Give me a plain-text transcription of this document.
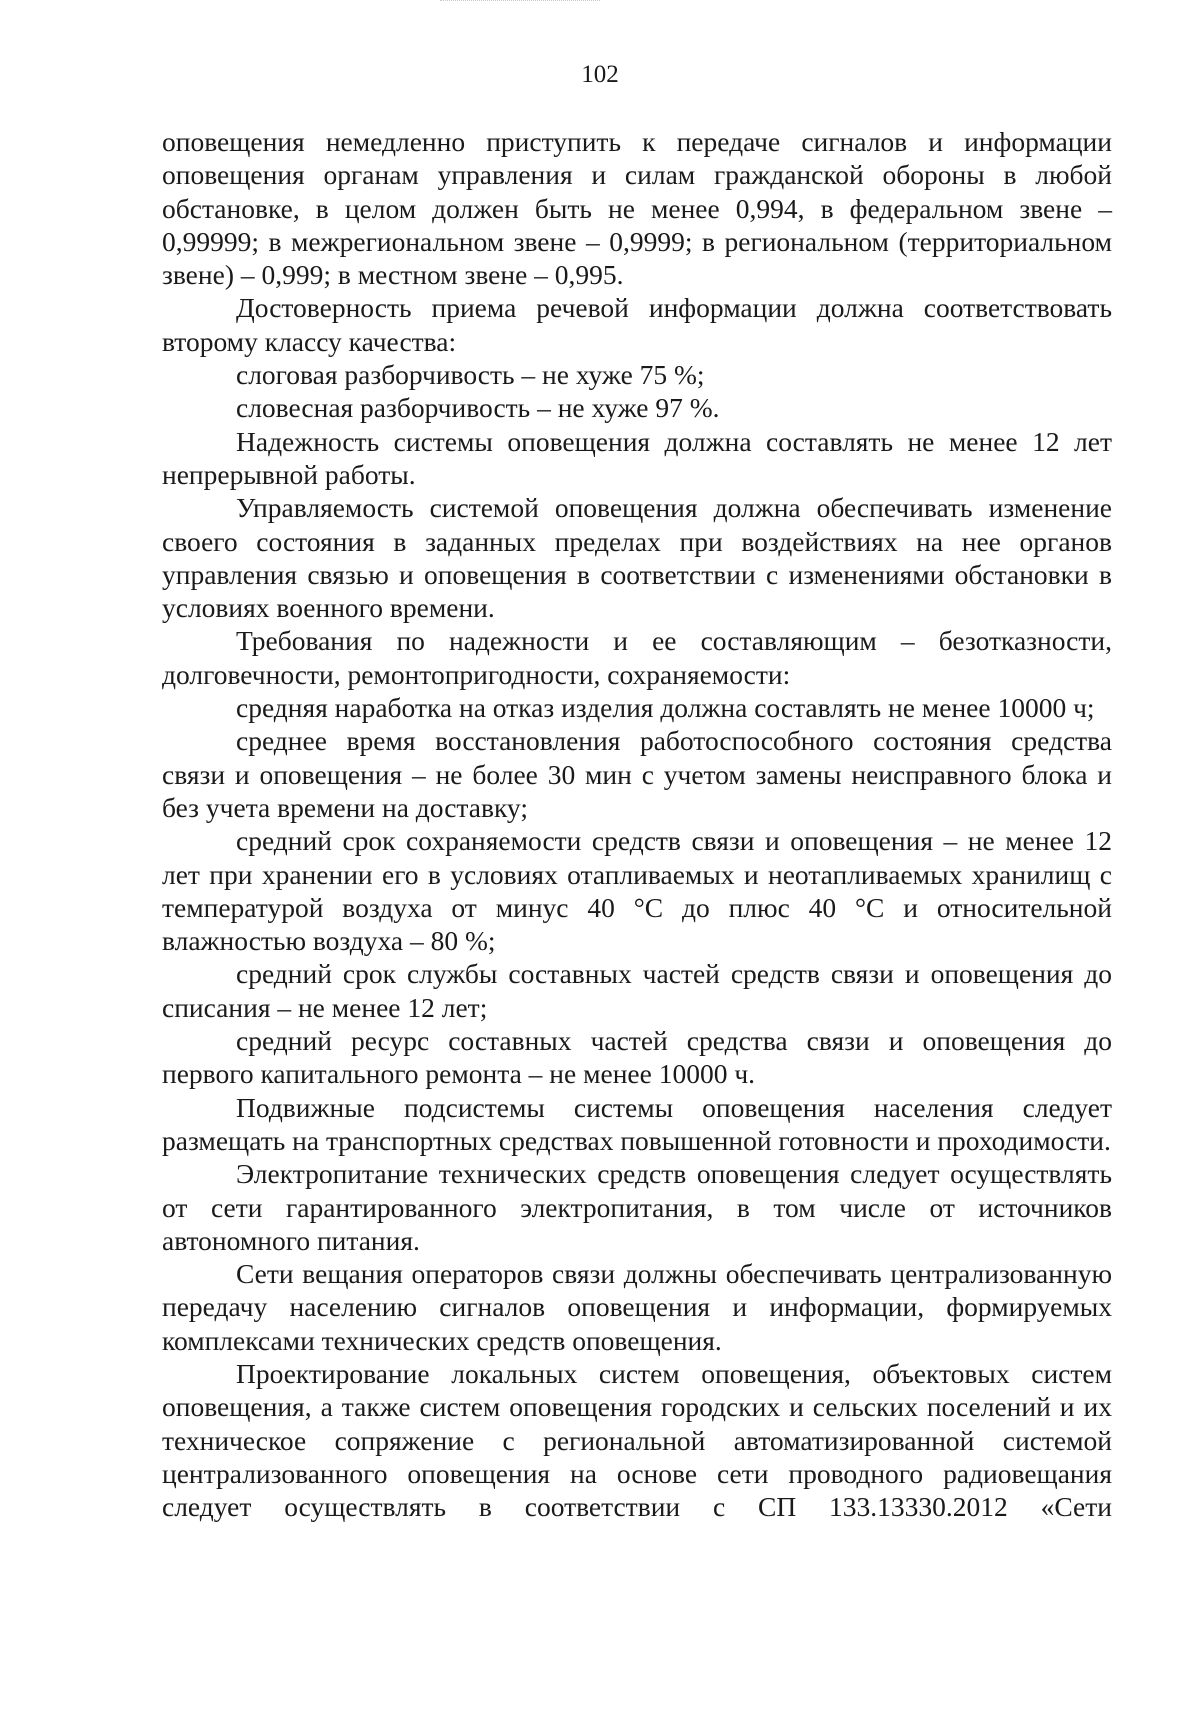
102

оповещения немедленно приступить к передаче сигналов и информации оповещения органам управления и силам гражданской обороны в любой обстановке, в целом должен быть не менее 0,994, в федеральном звене – 0,99999; в межрегиональном звене – 0,9999; в региональном (территориальном звене) – 0,999; в местном звене – 0,995.

Достоверность приема речевой информации должна соответствовать второму классу качества:

слоговая разборчивость – не хуже 75 %;

словесная разборчивость – не хуже 97 %.

Надежность системы оповещения должна составлять не менее 12 лет непрерывной работы.

Управляемость системой оповещения должна обеспечивать изменение своего состояния в заданных пределах при воздействиях на нее органов управления связью и оповещения в соответствии с изменениями обстановки в условиях военного времени.

Требования по надежности и ее составляющим – безотказности, долговечности, ремонтопригодности, сохраняемости:

средняя наработка на отказ изделия должна составлять не менее 10000 ч;

среднее время восстановления работоспособного состояния средства связи и оповещения – не более 30 мин с учетом замены неисправного блока и без учета времени на доставку;

средний срок сохраняемости средств связи и оповещения – не менее 12 лет при хранении его в условиях отапливаемых и неотапливаемых хранилищ с температурой воздуха от минус 40 °С до плюс 40 °С и относительной влажностью воздуха – 80 %;

средний срок службы составных частей средств связи и оповещения до списания – не менее 12 лет;

средний ресурс составных частей средства связи и оповещения до первого капитального ремонта – не менее 10000 ч.

Подвижные подсистемы системы оповещения населения следует размещать на транспортных средствах повышенной готовности и проходимости.

Электропитание технических средств оповещения следует осуществлять от сети гарантированного электропитания, в том числе от источников автономного питания.

Сети вещания операторов связи должны обеспечивать централизованную передачу населению сигналов оповещения и информации, формируемых комплексами технических средств оповещения.

Проектирование локальных систем оповещения, объектовых систем оповещения, а также систем оповещения городских и сельских поселений и их техническое сопряжение с региональной автоматизированной системой централизованного оповещения на основе сети проводного радиовещания следует осуществлять в соответствии с СП 133.13330.2012 «Сети
